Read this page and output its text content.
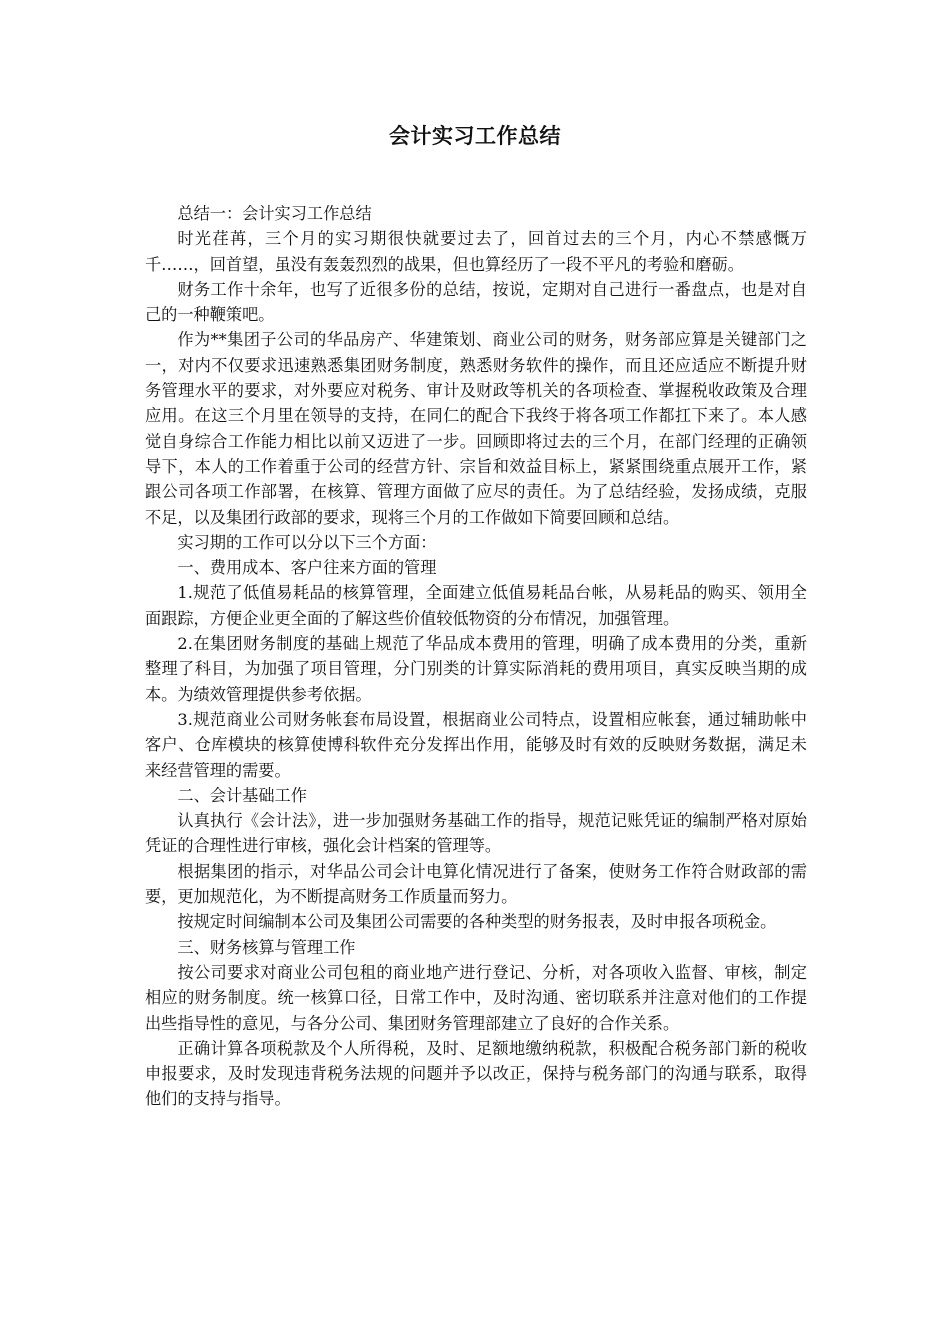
会计实习工作总结

总结一：会计实习工作总结

时光荏苒，三个月的实习期很快就要过去了，回首过去的三个月，内心不禁感慨万千……，回首望，虽没有轰轰烈烈的战果，但也算经历了一段不平凡的考验和磨砺。

财务工作十余年，也写了近很多份的总结，按说，定期对自己进行一番盘点，也是对自己的一种鞭策吧。

作为**集团子公司的华品房产、华建策划、商业公司的财务，财务部应算是关键部门之一，对内不仅要求迅速熟悉集团财务制度，熟悉财务软件的操作，而且还应适应不断提升财务管理水平的要求，对外要应对税务、审计及财政等机关的各项检查、掌握税收政策及合理应用。在这三个月里在领导的支持，在同仁的配合下我终于将各项工作都扛下来了。本人感觉自身综合工作能力相比以前又迈进了一步。回顾即将过去的三个月，在部门经理的正确领导下，本人的工作着重于公司的经营方针、宗旨和效益目标上，紧紧围绕重点展开工作，紧跟公司各项工作部署，在核算、管理方面做了应尽的责任。为了总结经验，发扬成绩，克服不足，以及集团行政部的要求，现将三个月的工作做如下简要回顾和总结。

实习期的工作可以分以下三个方面：

一、费用成本、客户往来方面的管理

1.规范了低值易耗品的核算管理，全面建立低值易耗品台帐，从易耗品的购买、领用全面跟踪，方便企业更全面的了解这些价值较低物资的分布情况，加强管理。

2.在集团财务制度的基础上规范了华品成本费用的管理，明确了成本费用的分类，重新整理了科目，为加强了项目管理，分门别类的计算实际消耗的费用项目，真实反映当期的成本。为绩效管理提供参考依据。

3.规范商业公司财务帐套布局设置，根据商业公司特点，设置相应帐套，通过辅助帐中客户、仓库模块的核算使博科软件充分发挥出作用，能够及时有效的反映财务数据，满足未来经营管理的需要。

二、会计基础工作

认真执行《会计法》，进一步加强财务基础工作的指导，规范记账凭证的编制严格对原始凭证的合理性进行审核，强化会计档案的管理等。

根据集团的指示，对华品公司会计电算化情况进行了备案，使财务工作符合财政部的需要，更加规范化，为不断提高财务工作质量而努力。

按规定时间编制本公司及集团公司需要的各种类型的财务报表，及时申报各项税金。

三、财务核算与管理工作

按公司要求对商业公司包租的商业地产进行登记、分析，对各项收入监督、审核，制定相应的财务制度。统一核算口径，日常工作中，及时沟通、密切联系并注意对他们的工作提出些指导性的意见，与各分公司、集团财务管理部建立了良好的合作关系。

正确计算各项税款及个人所得税，及时、足额地缴纳税款，积极配合税务部门新的税收申报要求，及时发现违背税务法规的问题并予以改正，保持与税务部门的沟通与联系，取得他们的支持与指导。
